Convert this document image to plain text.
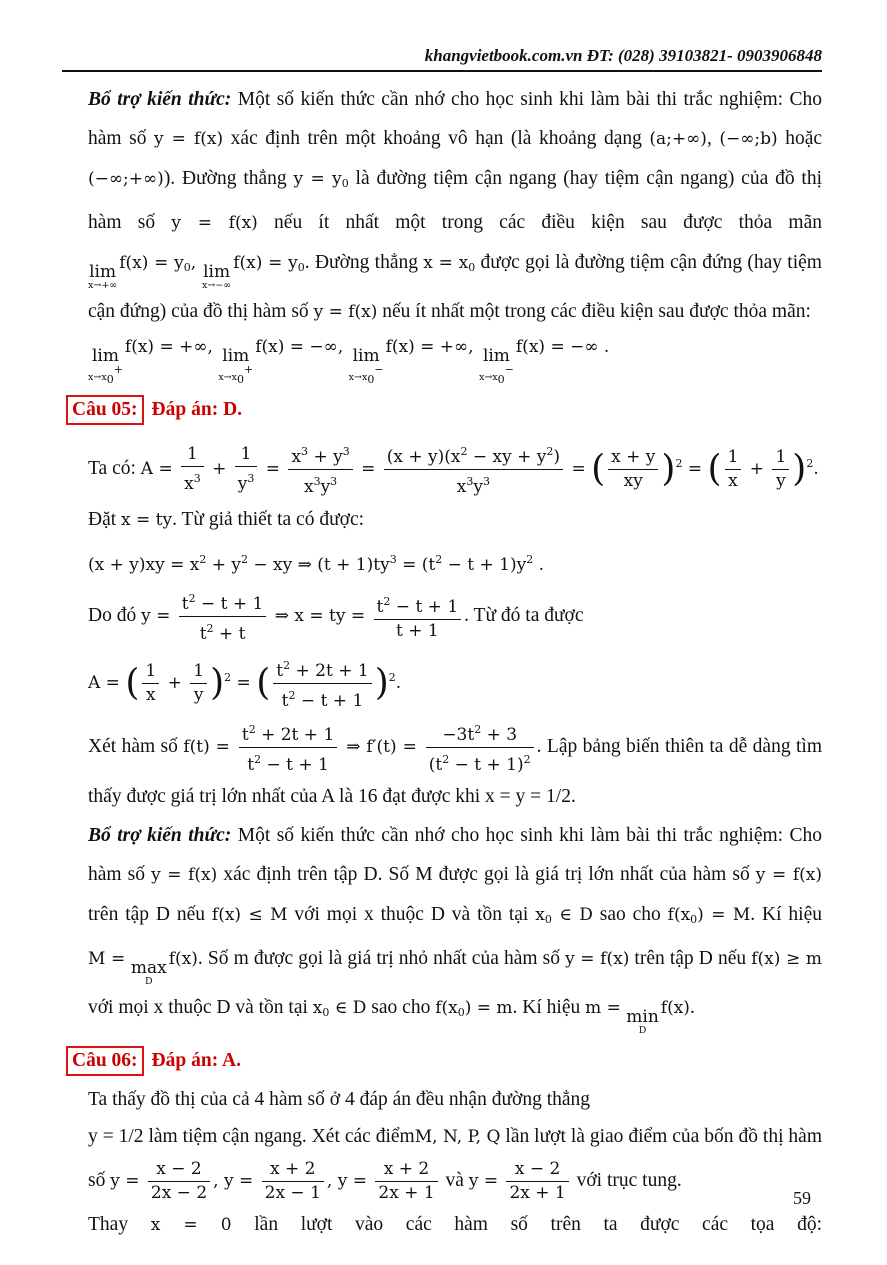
khangvietbook.com.vn ĐT: (028) 39103821- 0903906848
Bổ trợ kiến thức: Một số kiến thức cần nhớ cho học sinh khi làm bài thi trắc nghiệm: Cho hàm số y = f(x) xác định trên một khoảng vô hạn (là khoảng dạng (a;+∞), (−∞;b) hoặc (−∞;+∞)). Đường thẳng $y = y_0$ là đường tiệm cận ngang (hay tiệm cận ngang) của đồ thị hàm số y = f(x) nếu ít nhất một trong các điều kiện sau được thỏa mãn
lim
x→+∞
$f(x) = y_0$, lim
x→−∞
$f(x) = y_0$. Đường thẳng $x = x_0$ được gọi là đường tiệm cận đứng (hay tiệm cận đứng) của đồ thị hàm số y = f(x) nếu ít nhất một trong các điều kiện sau được thỏa mãn:
lim
x→x0+
f(x) = +∞, lim
x→x0+
f(x) = −∞, lim
x→x0−
f(x) = +∞, lim
x→x0−
f(x) = −∞ .
Câu 05: Đáp án: D.
Ta có: $A = \frac{1}{x^3} + \frac{1}{y^3} = \frac{x^3 + y^3}{x^3y^3} = \frac{(x + y)(x^2 - xy + y^2)}{x^3y^3}$ = ( $\frac{x + y}{xy} )^2$ = ( $\frac{1}{x} + \frac{1}{y} )^2$.
Đặt x = ty. Từ giả thiết ta có được:
$(x + y)xy = x^2 + y^2$ − xy ⇒ $(t + 1)ty^3 = (t^2 - t + 1)y^2$ .
Do đó $y = \frac{t^2 - t + 1}{t^2 + t}$ ⇒ x = ty = $\frac{t^2 - t + 1}{t + 1}$ . Từ đó ta được A = ( $\frac{1}{x} + \frac{1}{y} )^2$ = ( $\frac{t^2 + 2t + 1}{t^2 - t + 1} )^2$.
Xét hàm số $f(t) = \frac{t^2 + 2t + 1}{t^2 - t + 1}$ ⇒ $f'(t) = \frac{-3t^2 + 3}{(t^2 - t + 1)^2}$ . Lập bảng biến thiên ta dễ dàng tìm thấy được giá trị lớn nhất của A là 16 đạt được khi x = y = 1/2.
Bổ trợ kiến thức: Một số kiến thức cần nhớ cho học sinh khi làm bài thi trắc nghiệm: Cho hàm số y = f(x) xác định trên tập D. Số M được gọi là giá trị lớn nhất của hàm số y = f(x) trên tập D nếu f(x) ≤ M với mọi x thuộc D và tồn tại $x_0$ ∈ D sao cho $f(x_0) = M$. Kí hiệu M = max
D
f(x). Số m được gọi là giá trị nhỏ nhất của hàm số y = f(x) trên tập D nếu f(x) ≥ m với mọi x thuộc D và tồn tại $x_0$ ∈ D sao cho $f(x_0) = m$. Kí hiệu m = min
D
f(x).
Câu 06: Đáp án: A.
Ta thấy đồ thị của cả 4 hàm số ở 4 đáp án đều nhận đường thẳng
y = 1/2 làm tiệm cận ngang. Xét các điểmM, N, P, Q lần lượt là giao điểm của bốn đồ thị hàm số $y = \frac{x - 2}{2x - 2}$ , $y = \frac{x + 2}{2x - 1}$ , $y = \frac{x + 2}{2x + 1}$ và $y = \frac{x - 2}{2x + 1}$ với trục tung.
Thay x = 0 lần lượt vào các hàm số trên ta được các tọa độ:
59
